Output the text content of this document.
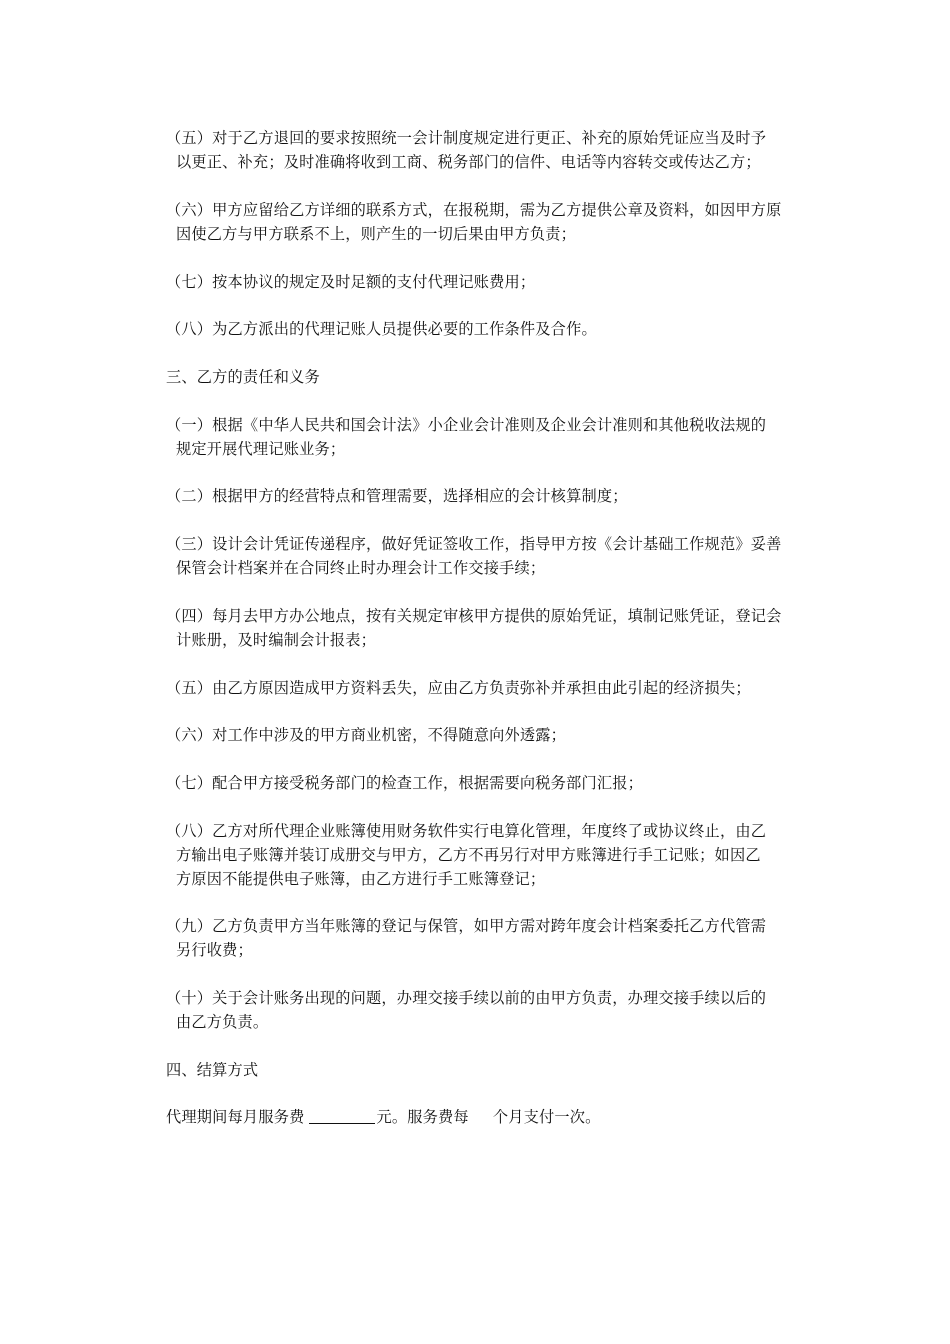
（五）对于乙方退回的要求按照统一会计制度规定进行更正、补充的原始凭证应当及时予
以更正、补充；及时准确将收到工商、税务部门的信件、电话等内容转交或传达乙方；
（六）甲方应留给乙方详细的联系方式，在报税期，需为乙方提供公章及资料，如因甲方原
因使乙方与甲方联系不上，则产生的一切后果由甲方负责；
（七）按本协议的规定及时足额的支付代理记账费用；
（八）为乙方派出的代理记账人员提供必要的工作条件及合作。
三、乙方的责任和义务
（一）根据《中华人民共和国会计法》小企业会计准则及企业会计准则和其他税收法规的
规定开展代理记账业务；
（二）根据甲方的经营特点和管理需要，选择相应的会计核算制度；
（三）设计会计凭证传递程序，做好凭证签收工作，指导甲方按《会计基础工作规范》妥善
保管会计档案并在合同终止时办理会计工作交接手续；
（四）每月去甲方办公地点，按有关规定审核甲方提供的原始凭证，填制记账凭证，登记会
计账册，及时编制会计报表；
（五）由乙方原因造成甲方资料丢失，应由乙方负责弥补并承担由此引起的经济损失；
（六）对工作中涉及的甲方商业机密，不得随意向外透露；
（七）配合甲方接受税务部门的检查工作，根据需要向税务部门汇报；
（八）乙方对所代理企业账簿使用财务软件实行电算化管理，年度终了或协议终止，由乙
方输出电子账簿并装订成册交与甲方，乙方不再另行对甲方账簿进行手工记账；如因乙
方原因不能提供电子账簿，由乙方进行手工账簿登记；
（九）乙方负责甲方当年账簿的登记与保管，如甲方需对跨年度会计档案委托乙方代管需
另行收费；
（十）关于会计账务出现的问题，办理交接手续以前的由甲方负责，办理交接手续以后的
由乙方负责。
四、结算方式
代理期间每月服务费	元。服务费每 个月支付一次。
